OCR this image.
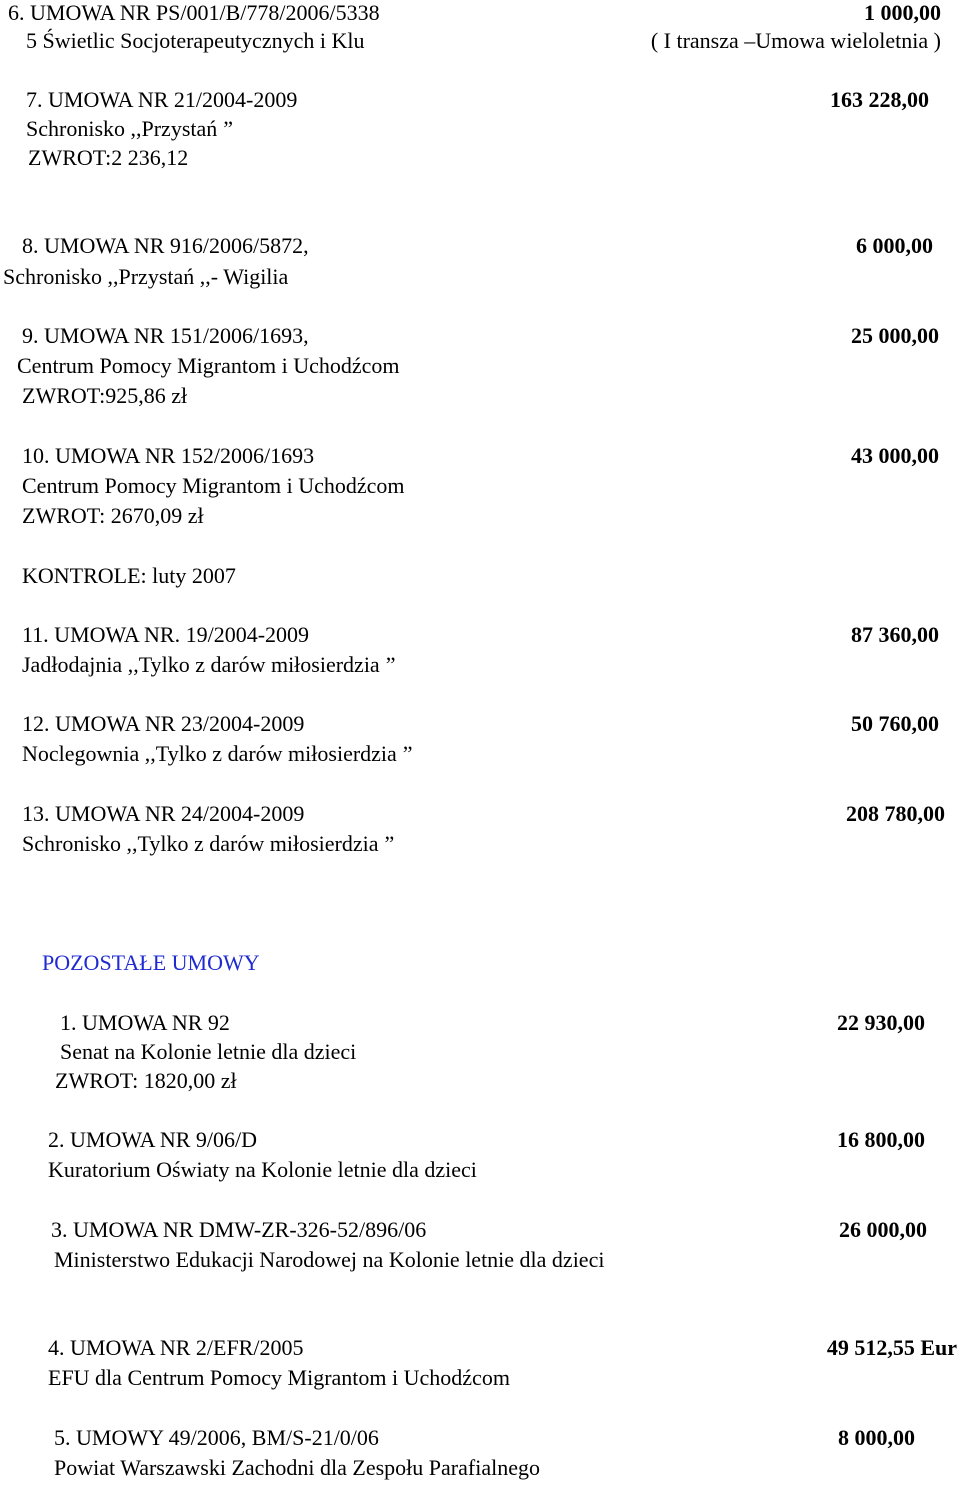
6. UMOWA NR PS/001/B/778/2006/5338	1 000,00
5 Świetlic Socjoterapeutycznych i Klu	( I transza –Umowa wieloletnia )
7. UMOWA NR 21/2004-2009	163 228,00
Schronisko ,,Przystań ”
ZWROT:2 236,12
8. UMOWA NR 916/2006/5872,	6 000,00
Schronisko ,,Przystań ,,- Wigilia
9. UMOWA NR 151/2006/1693,	25 000,00
Centrum Pomocy Migrantom i Uchodźcom
ZWROT:925,86 zł
10. UMOWA NR 152/2006/1693	43 000,00
Centrum Pomocy Migrantom i Uchodźcom
ZWROT: 2670,09 zł
KONTROLE: luty 2007
11. UMOWA NR. 19/2004-2009	87 360,00
Jadłodajnia ,,Tylko z darów miłosierdzia ”
12. UMOWA NR 23/2004-2009	50 760,00
Noclegownia ,,Tylko z darów miłosierdzia ”
13. UMOWA NR 24/2004-2009	208 780,00
Schronisko ,,Tylko z darów miłosierdzia ”
POZOSTAŁE UMOWY
1. UMOWA NR 92	22 930,00
Senat na Kolonie letnie dla dzieci
ZWROT: 1820,00 zł
2. UMOWA NR 9/06/D	16 800,00
Kuratorium Oświaty na Kolonie letnie dla dzieci
3. UMOWA NR DMW-ZR-326-52/896/06	26 000,00
Ministerstwo Edukacji Narodowej na Kolonie letnie dla dzieci
4. UMOWA NR 2/EFR/2005	49 512,55 Eur
EFU dla Centrum Pomocy Migrantom i Uchodźcom
5. UMOWY 49/2006, BM/S-21/0/06	8 000,00
Powiat Warszawski Zachodni dla Zespołu Parafialnego
